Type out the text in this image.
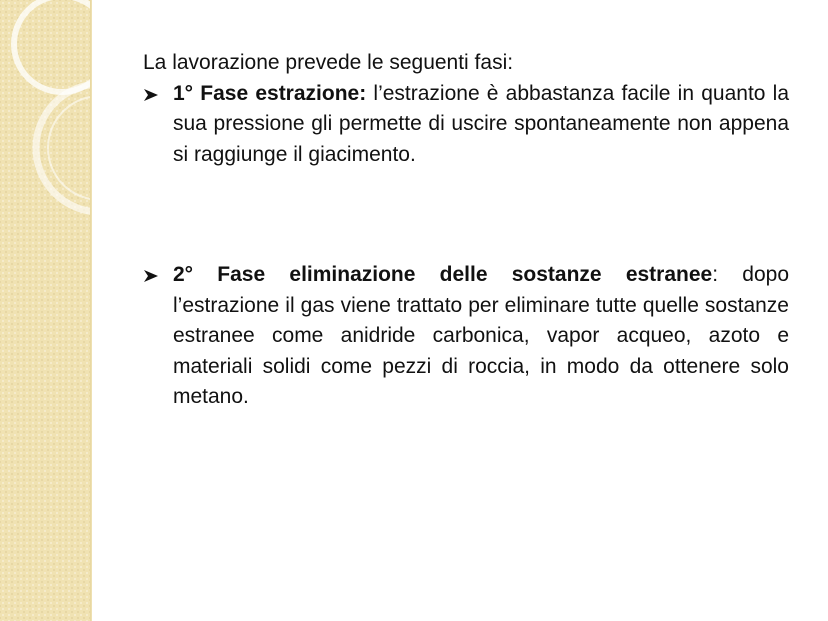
La lavorazione prevede le seguenti fasi:

1° Fase estrazione: l’estrazione è abbastanza facile in quanto la sua pressione gli permette di uscire spontaneamente non appena si raggiunge il giacimento.

2° Fase eliminazione delle sostanze estranee: dopo l’estrazione il gas viene trattato per eliminare tutte quelle sostanze estranee come anidride carbonica, vapor acqueo, azoto e materiali solidi come pezzi di roccia, in modo da ottenere solo metano.
